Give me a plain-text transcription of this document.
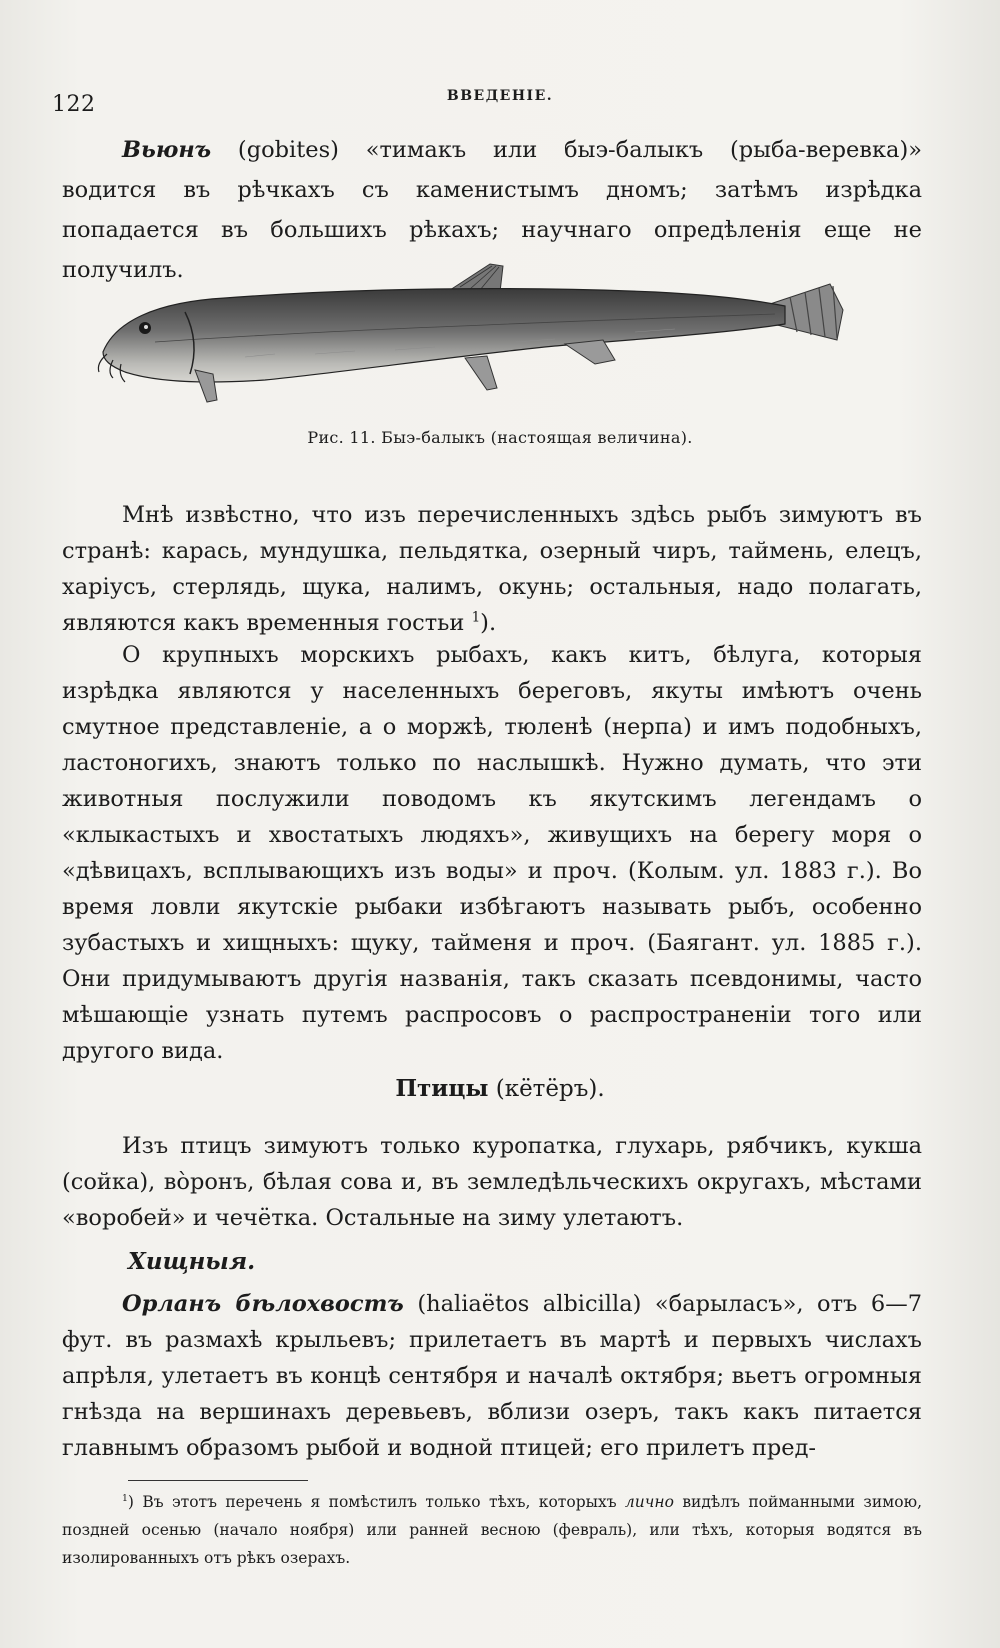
122	ВВЕДЕНІЕ.

Вьюнъ (gobites) «тимакъ или быэ-балыкъ (рыба-веревка)» водится въ рѣчкахъ съ каменистымъ дномъ; затѣмъ изрѣдка попадается въ большихъ рѣкахъ; научнаго опредѣленія еще не получилъ.

Рис. 11. Быэ-балыкъ (настоящая величина).

Мнѣ извѣстно, что изъ перечисленныхъ здѣсь рыбъ зимуютъ въ странѣ: карась, мундушка, пельдятка, озерный чиръ, таймень, елецъ, харіусъ, стерлядь, щука, налимъ, окунь; остальныя, надо полагать, являются какъ временныя гостьи $^1$).

О крупныхъ морскихъ рыбахъ, какъ китъ, бѣлуга, которыя изрѣдка являются у населенныхъ береговъ, якуты имѣютъ очень смутное представленіе, а о моржѣ, тюленѣ (нерпа) и имъ подобныхъ, ластоногихъ, знаютъ только по наслышкѣ. Нужно думать, что эти животныя послужили поводомъ къ якутскимъ легендамъ о «клыкастыхъ и хвостатыхъ людяхъ», живущихъ на берегу моря о «дѣвицахъ, всплывающихъ изъ воды» и проч. (Колым. ул. 1883 г.). Во время ловли якутскіе рыбаки избѣгаютъ называть рыбъ, особенно зубастыхъ и хищныхъ: щуку, тайменя и проч. (Баягант. ул. 1885 г.). Они придумываютъ другія названія, такъ сказать псевдонимы, часто мѣшающіе узнать путемъ распросовъ о распространеніи того или другого вида.

Птицы (кётёръ).

Изъ птицъ зимуютъ только куропатка, глухарь, рябчикъ, кукша (сойка), вòронъ, бѣлая сова и, въ земледѣльческихъ округахъ, мѣстами «воробей» и чечётка. Остальные на зиму улетаютъ.

Хищныя.

Орланъ бѣлохвостъ (haliaëtos albicilla) «барыласъ», отъ 6—7 фут. въ размахѣ крыльевъ; прилетаетъ въ мартѣ и первыхъ числахъ апрѣля, улетаетъ въ концѣ сентября и началѣ октября; вьетъ огромныя гнѣзда на вершинахъ деревьевъ, вблизи озеръ, такъ какъ питается главнымъ образомъ рыбой и водной птицей; его прилетъ пред-

$^1$) Въ этотъ перечень я помѣстилъ только тѣхъ, которыхъ лично видѣлъ пойманными зимою, поздней осенью (начало ноября) или ранней весною (февраль), или тѣхъ, которыя водятся въ изолированныхъ отъ рѣкъ озерахъ.
